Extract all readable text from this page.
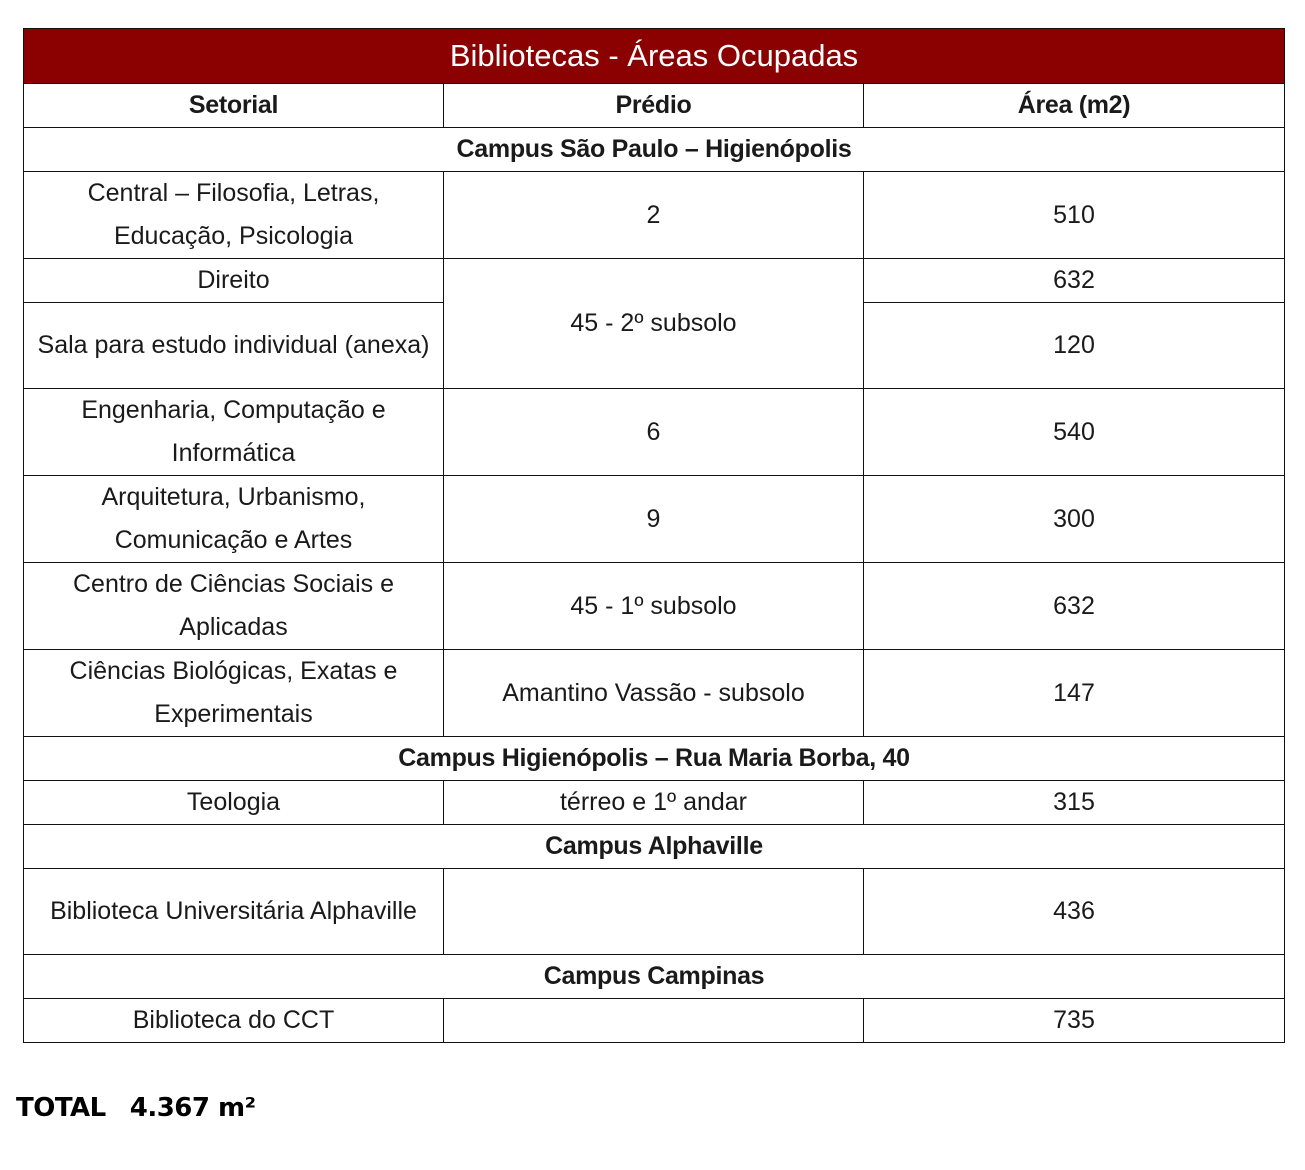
Bibliotecas - Áreas Ocupadas		
Setorial	Prédio	Área (m2)
Campus São Paulo – Higienópolis		
Central – Filosofia, Letras, Educação, Psicologia	2	510
Direito	45 - 2º subsolo	632
Sala para estudo individual (anexa)		120
Engenharia, Computação e Informática	6	540
Arquitetura, Urbanismo, Comunicação e Artes	9	300
Centro de Ciências Sociais e Aplicadas	45 - 1º subsolo	632
Ciências Biológicas, Exatas e Experimentais	Amantino Vassão - subsolo	147
Campus Higienópolis – Rua Maria Borba, 40		
Teologia	térreo e 1º andar	315
Campus Alphaville		
Biblioteca Universitária Alphaville		436
Campus Campinas		
Biblioteca do CCT		735
TOTAL 4.367 m²
